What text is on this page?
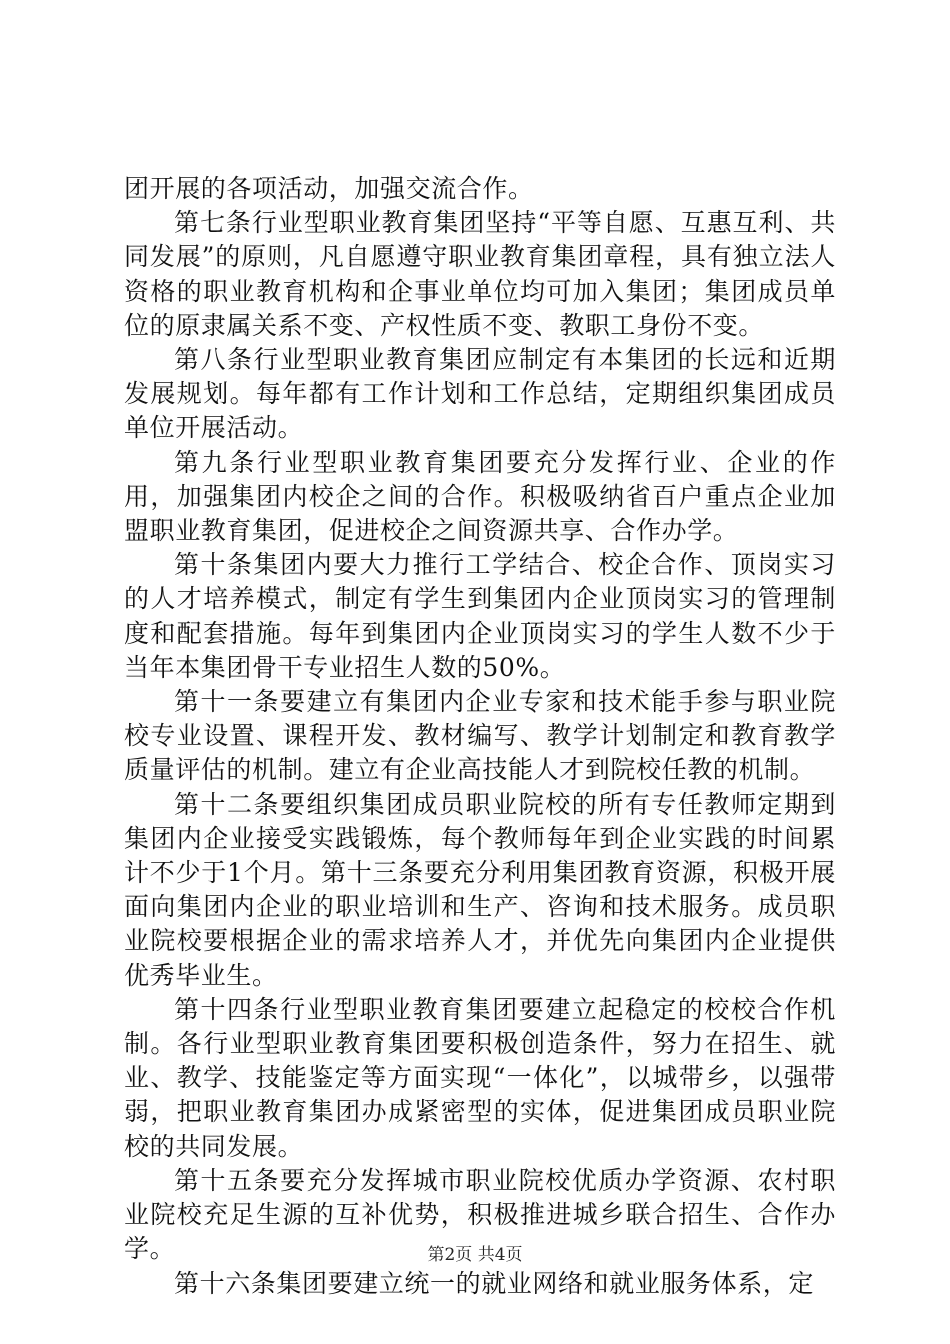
团开展的各项活动，加强交流合作。

第七条行业型职业教育集团坚持“平等自愿、互惠互利、共同发展”的原则，凡自愿遵守职业教育集团章程，具有独立法人资格的职业教育机构和企事业单位均可加入集团；集团成员单位的原隶属关系不变、产权性质不变、教职工身份不变。

第八条行业型职业教育集团应制定有本集团的长远和近期发展规划。每年都有工作计划和工作总结，定期组织集团成员单位开展活动。

第九条行业型职业教育集团要充分发挥行业、企业的作用，加强集团内校企之间的合作。积极吸纳省百户重点企业加盟职业教育集团，促进校企之间资源共享、合作办学。

第十条集团内要大力推行工学结合、校企合作、顶岗实习的人才培养模式，制定有学生到集团内企业顶岗实习的管理制度和配套措施。每年到集团内企业顶岗实习的学生人数不少于当年本集团骨干专业招生人数的50%。

第十一条要建立有集团内企业专家和技术能手参与职业院校专业设置、课程开发、教材编写、教学计划制定和教育教学质量评估的机制。建立有企业高技能人才到院校任教的机制。

第十二条要组织集团成员职业院校的所有专任教师定期到集团内企业接受实践锻炼，每个教师每年到企业实践的时间累计不少于1个月。第十三条要充分利用集团教育资源，积极开展面向集团内企业的职业培训和生产、咨询和技术服务。成员职业院校要根据企业的需求培养人才，并优先向集团内企业提供优秀毕业生。

第十四条行业型职业教育集团要建立起稳定的校校合作机制。各行业型职业教育集团要积极创造条件，努力在招生、就业、教学、技能鉴定等方面实现“一体化”，以城带乡，以强带弱，把职业教育集团办成紧密型的实体，促进集团成员职业院校的共同发展。

第十五条要充分发挥城市职业院校优质办学资源、农村职业院校充足生源的互补优势，积极推进城乡联合招生、合作办学。

第十六条集团要建立统一的就业网络和就业服务体系，定

第2页 共4页
